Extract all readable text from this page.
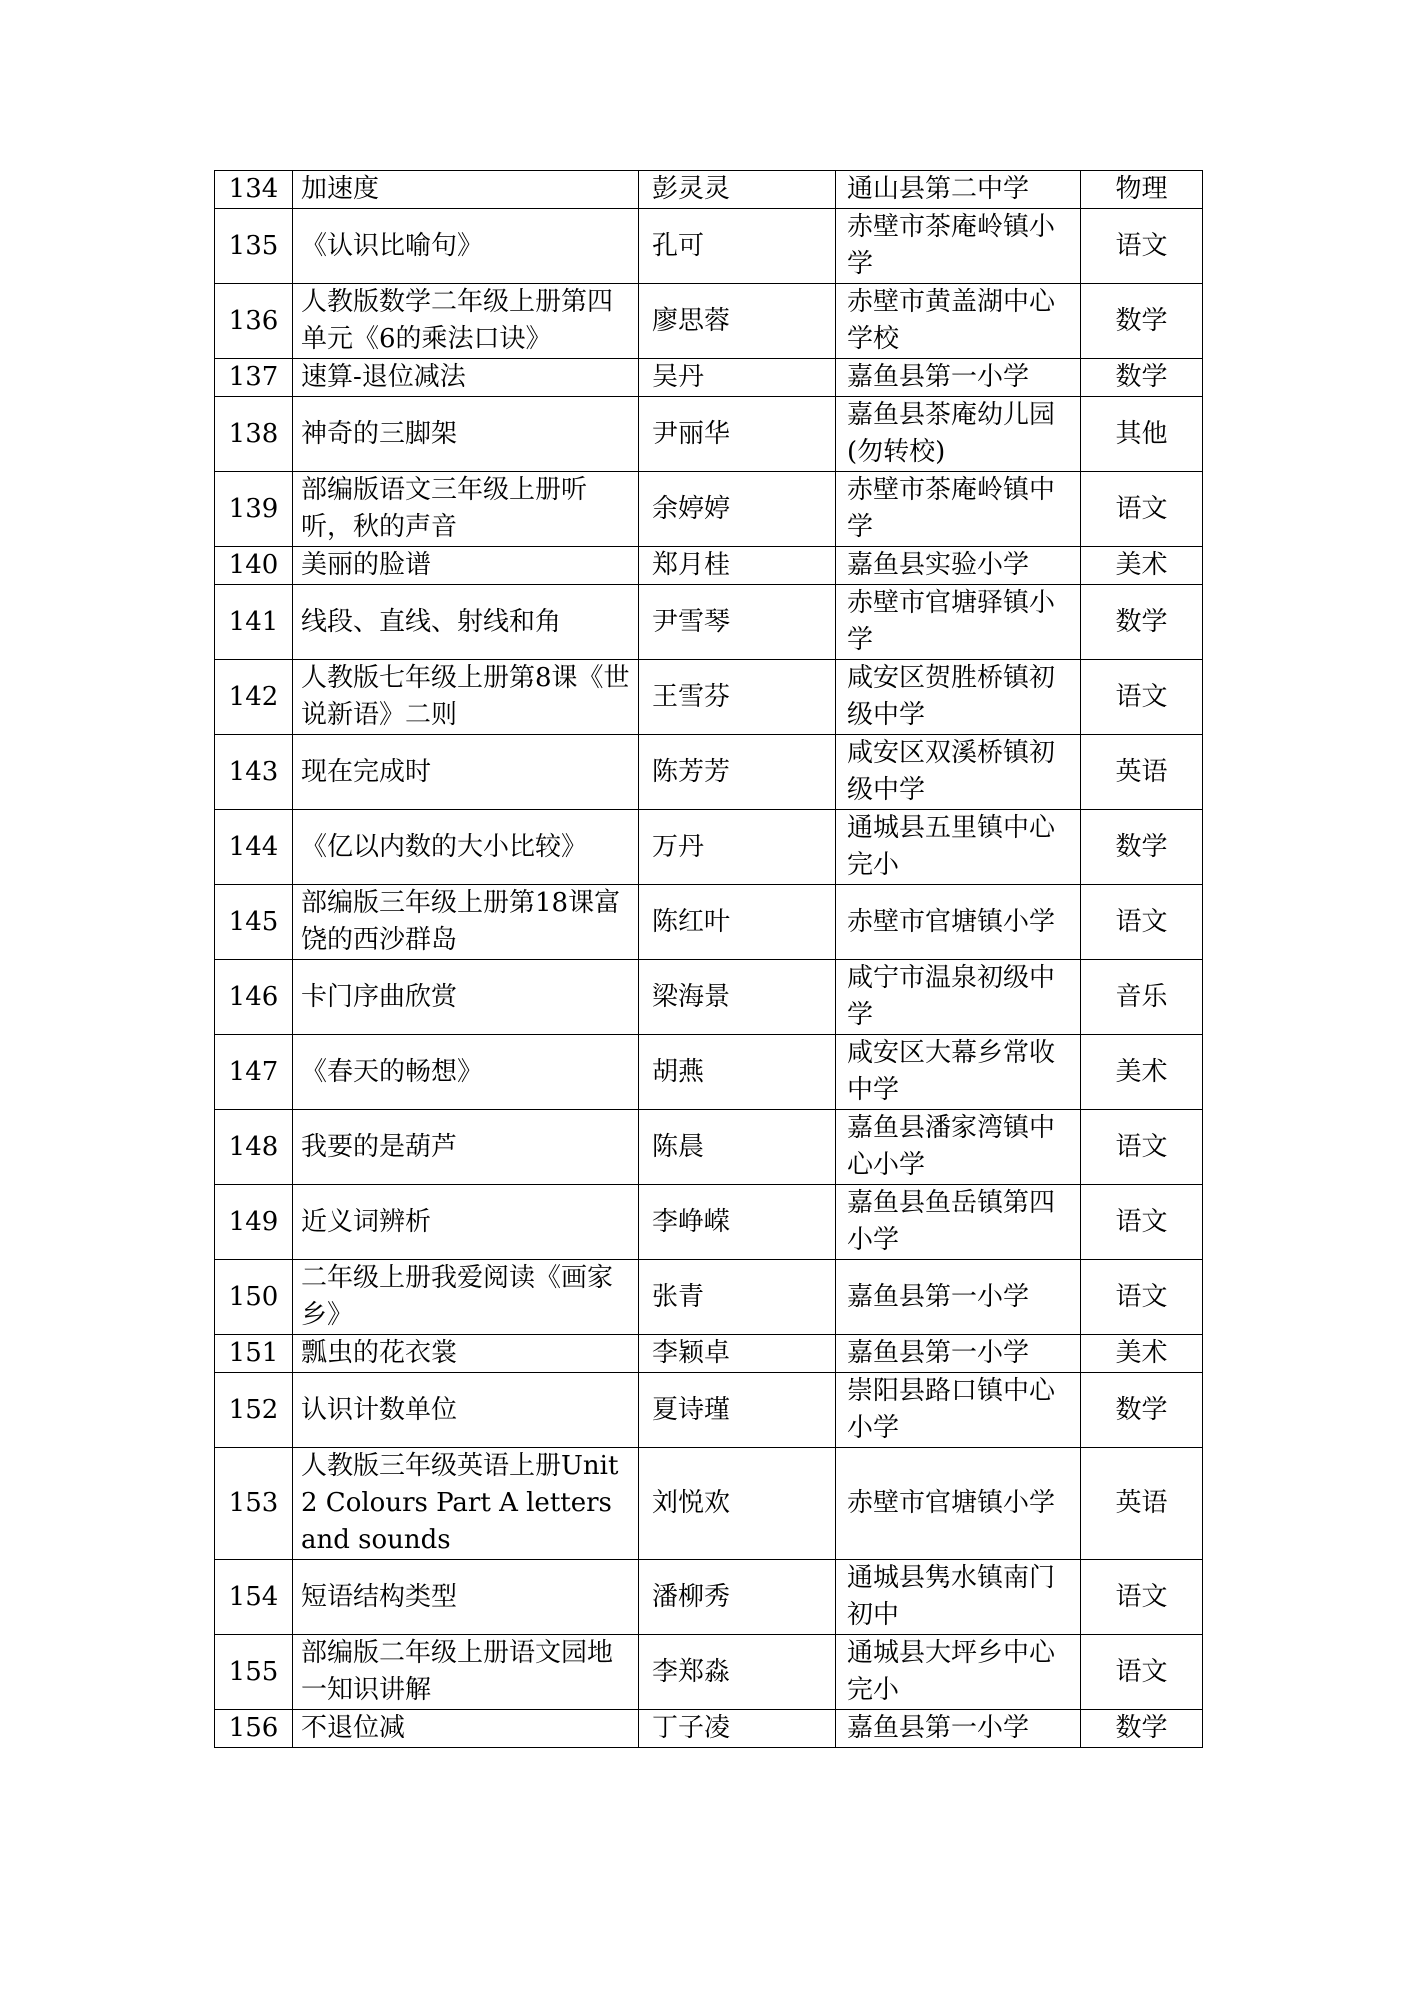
134	加速度	彭灵灵	通山县第二中学	物理
135	《认识比喻句》	孔可	赤壁市茶庵岭镇小学	语文
136	人教版数学二年级上册第四单元《6的乘法口诀》	廖思蓉	赤壁市黄盖湖中心学校	数学
137	速算-退位减法	吴丹	嘉鱼县第一小学	数学
138	神奇的三脚架	尹丽华	嘉鱼县茶庵幼儿园(勿转校)	其他
139	部编版语文三年级上册听听，秋的声音	余婷婷	赤壁市茶庵岭镇中学	语文
140	美丽的脸谱	郑月桂	嘉鱼县实验小学	美术
141	线段、直线、射线和角	尹雪琴	赤壁市官塘驿镇小学	数学
142	人教版七年级上册第8课《世说新语》二则	王雪芬	咸安区贺胜桥镇初级中学	语文
143	现在完成时	陈芳芳	咸安区双溪桥镇初级中学	英语
144	《亿以内数的大小比较》	万丹	通城县五里镇中心完小	数学
145	部编版三年级上册第18课富饶的西沙群岛	陈红叶	赤壁市官塘镇小学	语文
146	卡门序曲欣赏	梁海景	咸宁市温泉初级中学	音乐
147	《春天的畅想》	胡燕	咸安区大幕乡常收中学	美术
148	我要的是葫芦	陈晨	嘉鱼县潘家湾镇中心小学	语文
149	近义词辨析	李峥嵘	嘉鱼县鱼岳镇第四小学	语文
150	二年级上册我爱阅读《画家乡》	张青	嘉鱼县第一小学	语文
151	瓢虫的花衣裳	李颖卓	嘉鱼县第一小学	美术
152	认识计数单位	夏诗瑾	崇阳县路口镇中心小学	数学
153	人教版三年级英语上册Unit 2 Colours Part A letters and sounds	刘悦欢	赤壁市官塘镇小学	英语
154	短语结构类型	潘柳秀	通城县隽水镇南门初中	语文
155	部编版二年级上册语文园地一知识讲解	李郑淼	通城县大坪乡中心完小	语文
156	不退位减	丁子凌	嘉鱼县第一小学	数学
